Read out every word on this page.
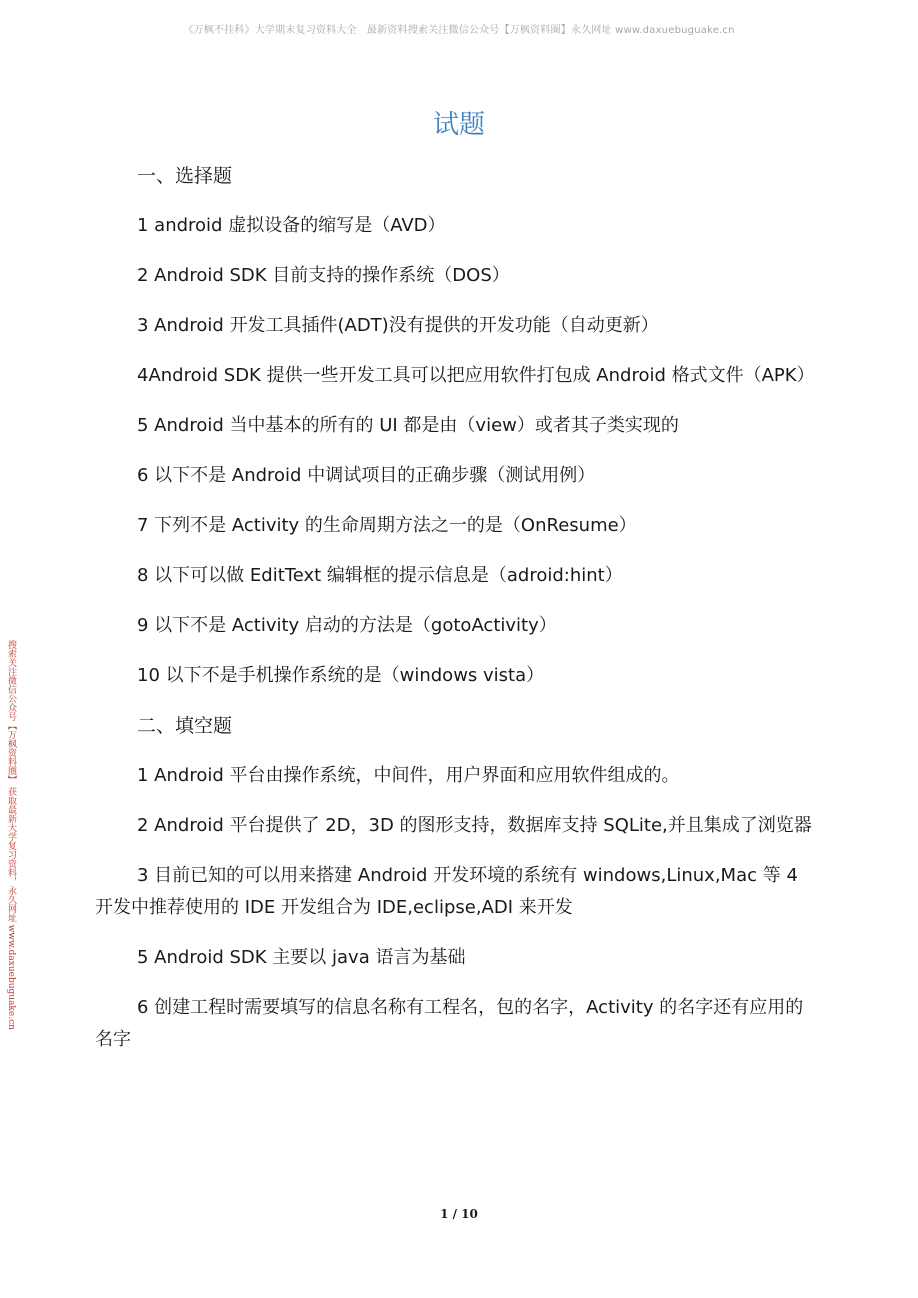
《万枫不挂科》大学期末复习资料大全　最新资料搜索关注微信公众号【万枫资料圈】永久网址 www.daxuebuguake.cn
搜索关注微信公众号【万枫资料圈】 获取最新大学复习资料，永久网址 www.daxuebuguake.cn
试题

一、选择题

1 android 虚拟设备的缩写是（AVD）

2 Android SDK 目前支持的操作系统（DOS）

3 Android 开发工具插件(ADT)没有提供的开发功能（自动更新）

4Android SDK 提供一些开发工具可以把应用软件打包成 Android 格式文件（APK）

5 Android 当中基本的所有的 UI 都是由（view）或者其子类实现的

6 以下不是 Android 中调试项目的正确步骤（测试用例）

7 下列不是 Activity 的生命周期方法之一的是（OnResume）

8 以下可以做 EditText 编辑框的提示信息是（adroid:hint）

9 以下不是 Activity 启动的方法是（gotoActivity）

10 以下不是手机操作系统的是（windows vista）

二、填空题

1 Android 平台由操作系统，中间件，用户界面和应用软件组成的。

2 Android 平台提供了 2D，3D 的图形支持，数据库支持 SQLite,并且集成了浏览器

3 目前已知的可以用来搭建 Android 开发环境的系统有 windows,Linux,Mac 等 4 开发中推荐使用的 IDE 开发组合为 IDE,eclipse,ADI 来开发

5 Android SDK 主要以 java 语言为基础

6 创建工程时需要填写的信息名称有工程名，包的名字，Activity 的名字还有应用的名字

1 / 10
